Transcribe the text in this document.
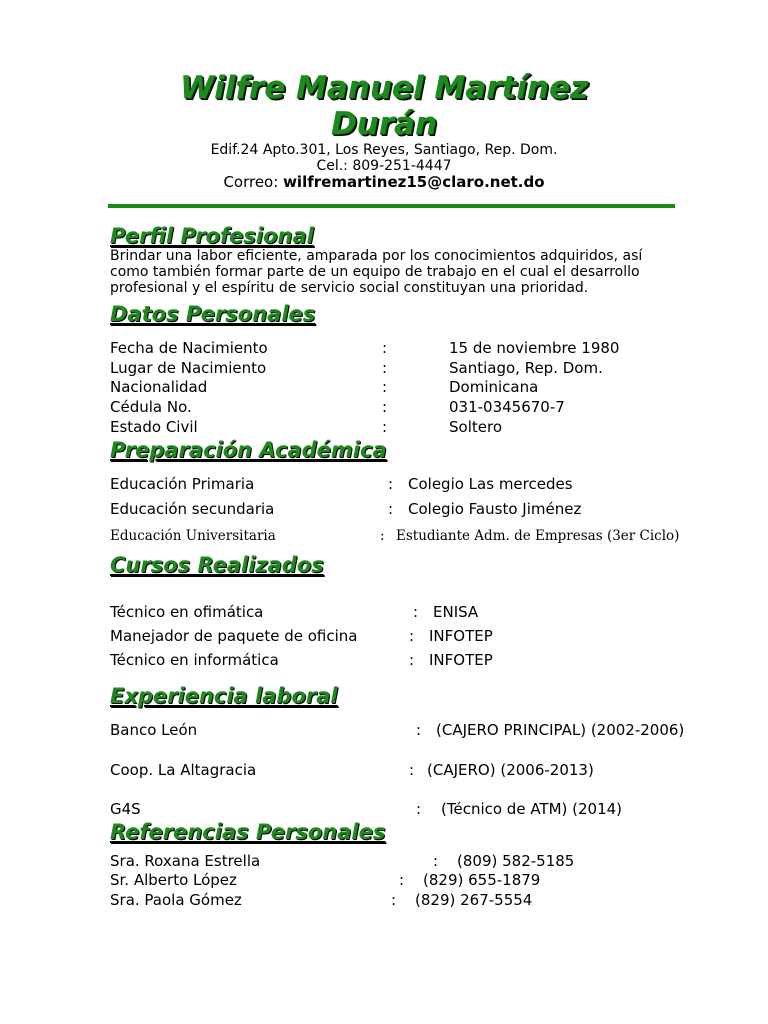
Wilfre Manuel Martínez
Durán
Edif.24 Apto.301, Los Reyes, Santiago, Rep. Dom.
Cel.: 809-251-4447
Correo: wilfremartinez15@claro.net.do
Perfil Profesional
Brindar una labor eficiente, amparada por los conocimientos adquiridos, así como también formar parte de un equipo de trabajo en el cual el desarrollo profesional y el espíritu de servicio social constituyan una prioridad.
Datos Personales
Fecha de Nacimiento	:	15 de noviembre 1980
Lugar de Nacimiento	:	Santiago, Rep. Dom.
Nacionalidad	:	Dominicana
Cédula No.	:	031-0345670-7
Estado Civil	:	Soltero
Preparación Académica
Educación Primaria	: Colegio Las mercedes
Educación secundaria	: Colegio Fausto Jiménez
Educación Universitaria	: Estudiante Adm. de Empresas (3er Ciclo)
Cursos Realizados
Técnico en ofimática	: ENISA
Manejador de paquete de oficina	: INFOTEP
Técnico en informática	: INFOTEP
Experiencia laboral
Banco León	: (CAJERO PRINCIPAL) (2002-2006)
Coop. La Altagracia	: (CAJERO) (2006-2013)
G4S	: (Técnico de ATM) (2014)
Referencias Personales
Sra. Roxana Estrella	: (809) 582-5185
Sr. Alberto López	: (829) 655-1879
Sra. Paola Gómez	: (829) 267-5554
